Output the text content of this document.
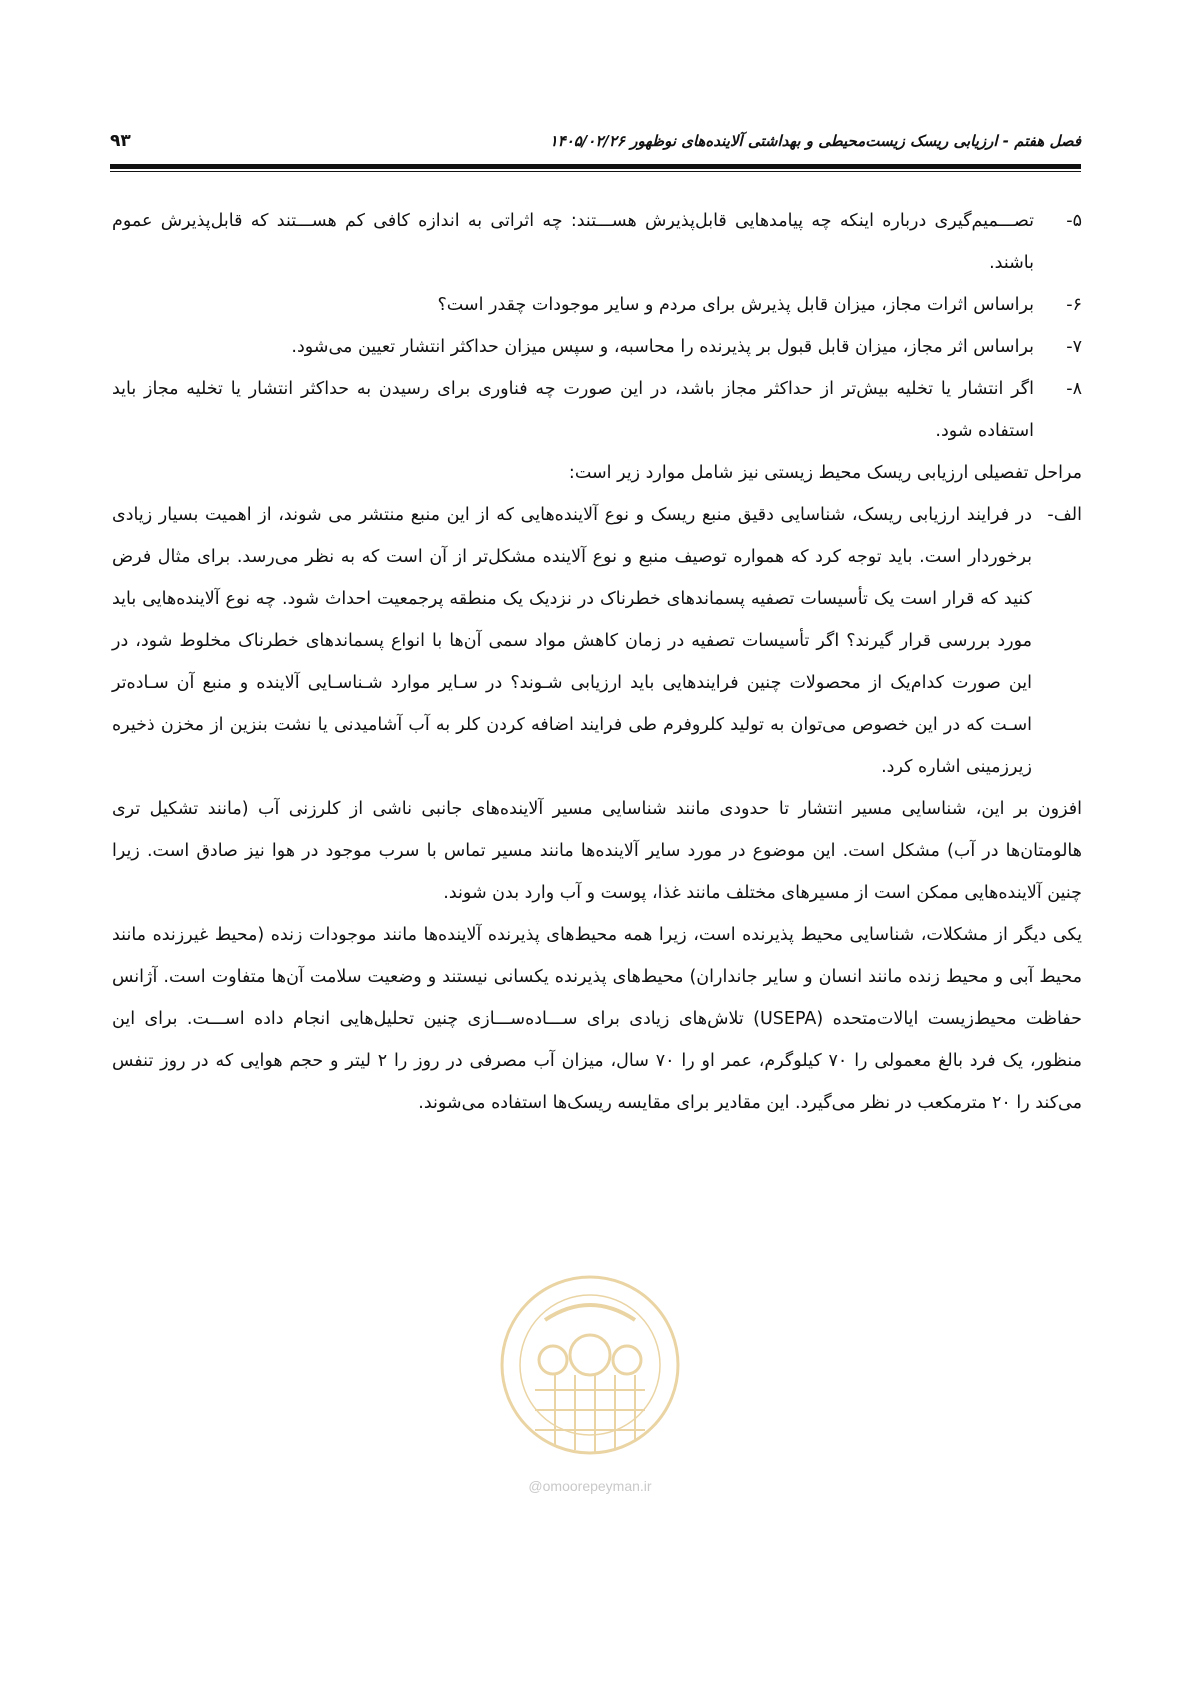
فصل هفتم - ارزیابی ریسک زیست‌محیطی و بهداشتی آلاینده‌های نوظهور ۱۴۰۵/۰۲/۲۶
۹۳
۵-
تصـــمیم‌گیری درباره اینکه چه پیامدهایی قابل‌پذیرش هســـتند: چه اثراتی به اندازه کافی کم هســـتند که قابل‌پذیرش عموم باشند.
۶-
براساس اثرات مجاز، میزان قابل پذیرش برای مردم و سایر موجودات چقدر است؟
۷-
براساس اثر مجاز، میزان قابل قبول بر پذیرنده را محاسبه، و سپس میزان حداکثر انتشار تعیین می‌شود.
۸-
اگر انتشار یا تخلیه بیش‌تر از حداکثر مجاز باشد، در این صورت چه فناوری برای رسیدن به حداکثر انتشار یا تخلیه مجاز باید استفاده شود.

مراحل تفصیلی ارزیابی ریسک محیط زیستی نیز شامل موارد زیر است:

الف-
در فرایند ارزیابی ریسک، شناسایی دقیق منبع ریسک و نوع آلاینده‌هایی که از این منبع منتشر می شوند، از اهمیت بسیار زیادی برخوردار است. باید توجه کرد که همواره توصیف منبع و نوع آلاینده مشکل‌تر از آن است که به نظر می‌رسد. برای مثال فرض کنید که قرار است یک تأسیسات تصفیه پسماندهای خطرناک در نزدیک یک منطقه پرجمعیت احداث شود. چه نوع آلاینده‌هایی باید مورد بررسی قرار گیرند؟ اگر تأسیسات تصفیه در زمان کاهش مواد سمی آن‌ها با انواع پسماندهای خطرناک مخلوط شود، در این صورت کدام‌یک از محصولات چنین فرایندهایی باید ارزیابی شـوند؟ در سـایر موارد شـناسـایی آلاینده و منبع آن سـاده‌تر اسـت که در این خصوص می‌توان به تولید کلروفرم طی فرایند اضافه کردن کلر به آب آشامیدنی یا نشت بنزین از مخزن ذخیره زیرزمینی اشاره کرد.

افزون بر این، شناسایی مسیر انتشار تا حدودی مانند شناسایی مسیر آلاینده‌های جانبی ناشی از کلرزنی آب (مانند تشکیل تری هالومتان‌ها در آب) مشکل است. این موضوع در مورد سایر آلاینده‌ها مانند مسیر تماس با سرب موجود در هوا نیز صادق است. زیرا چنین آلاینده‌هایی ممکن است از مسیرهای مختلف مانند غذا، پوست و آب وارد بدن شوند.

یکی دیگر از مشکلات، شناسایی محیط پذیرنده است، زیرا همه محیط‌های پذیرنده آلاینده‌ها مانند موجودات زنده (محیط غیرزنده مانند محیط آبی و محیط زنده مانند انسان و سایر جانداران) محیط‌های پذیرنده یکسانی نیستند و وضعیت سلامت آن‌ها متفاوت است. آژانس حفاظت محیط‌زیست ایالات‌متحده (USEPA) تلاش‌های زیادی برای ســـاده‌ســـازی چنین تحلیل‌هایی انجام داده اســـت. برای این منظور، یک فرد بالغ معمولی را ۷۰ کیلوگرم، عمر او را ۷۰ سال، میزان آب مصرفی در روز را ۲ لیتر و حجم هوایی که در روز تنفس می‌کند را ۲۰ مترمکعب در نظر می‌گیرد. این مقادیر برای مقایسه ریسک‌ها استفاده می‌شوند.

@omoorepeyman.ir
